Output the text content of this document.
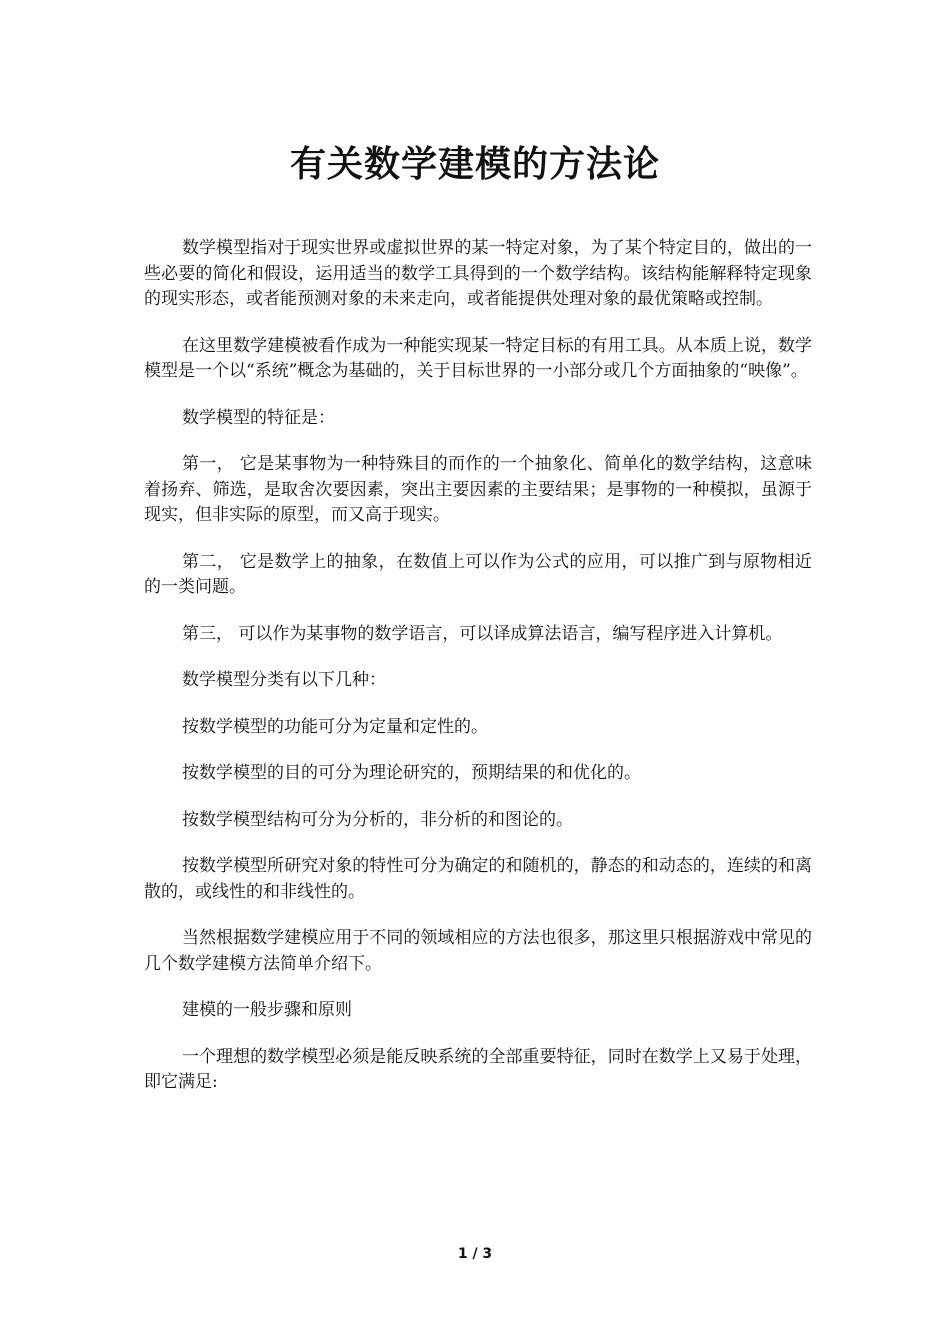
有关数学建模的方法论

数学模型指对于现实世界或虚拟世界的某一特定对象，为了某个特定目的，做出的一些必要的简化和假设，运用适当的数学工具得到的一个数学结构。该结构能解释特定现象的现实形态，或者能预测对象的未来走向，或者能提供处理对象的最优策略或控制。

在这里数学建模被看作成为一种能实现某一特定目标的有用工具。从本质上说，数学模型是一个以“系统”概念为基础的，关于目标世界的一小部分或几个方面抽象的“映像”。

数学模型的特征是：

第一， 它是某事物为一种特殊目的而作的一个抽象化、简单化的数学结构，这意味着扬弃、筛选，是取舍次要因素，突出主要因素的主要结果；是事物的一种模拟，虽源于现实，但非实际的原型，而又高于现实。

第二， 它是数学上的抽象，在数值上可以作为公式的应用，可以推广到与原物相近的一类问题。

第三， 可以作为某事物的数学语言，可以译成算法语言，编写程序进入计算机。

数学模型分类有以下几种：

按数学模型的功能可分为定量和定性的。

按数学模型的目的可分为理论研究的，预期结果的和优化的。

按数学模型结构可分为分析的，非分析的和图论的。

按数学模型所研究对象的特性可分为确定的和随机的，静态的和动态的，连续的和离散的，或线性的和非线性的。

当然根据数学建模应用于不同的领域相应的方法也很多，那这里只根据游戏中常见的几个数学建模方法简单介绍下。

建模的一般步骤和原则

一个理想的数学模型必须是能反映系统的全部重要特征，同时在数学上又易于处理，即它满足:

1 / 3
